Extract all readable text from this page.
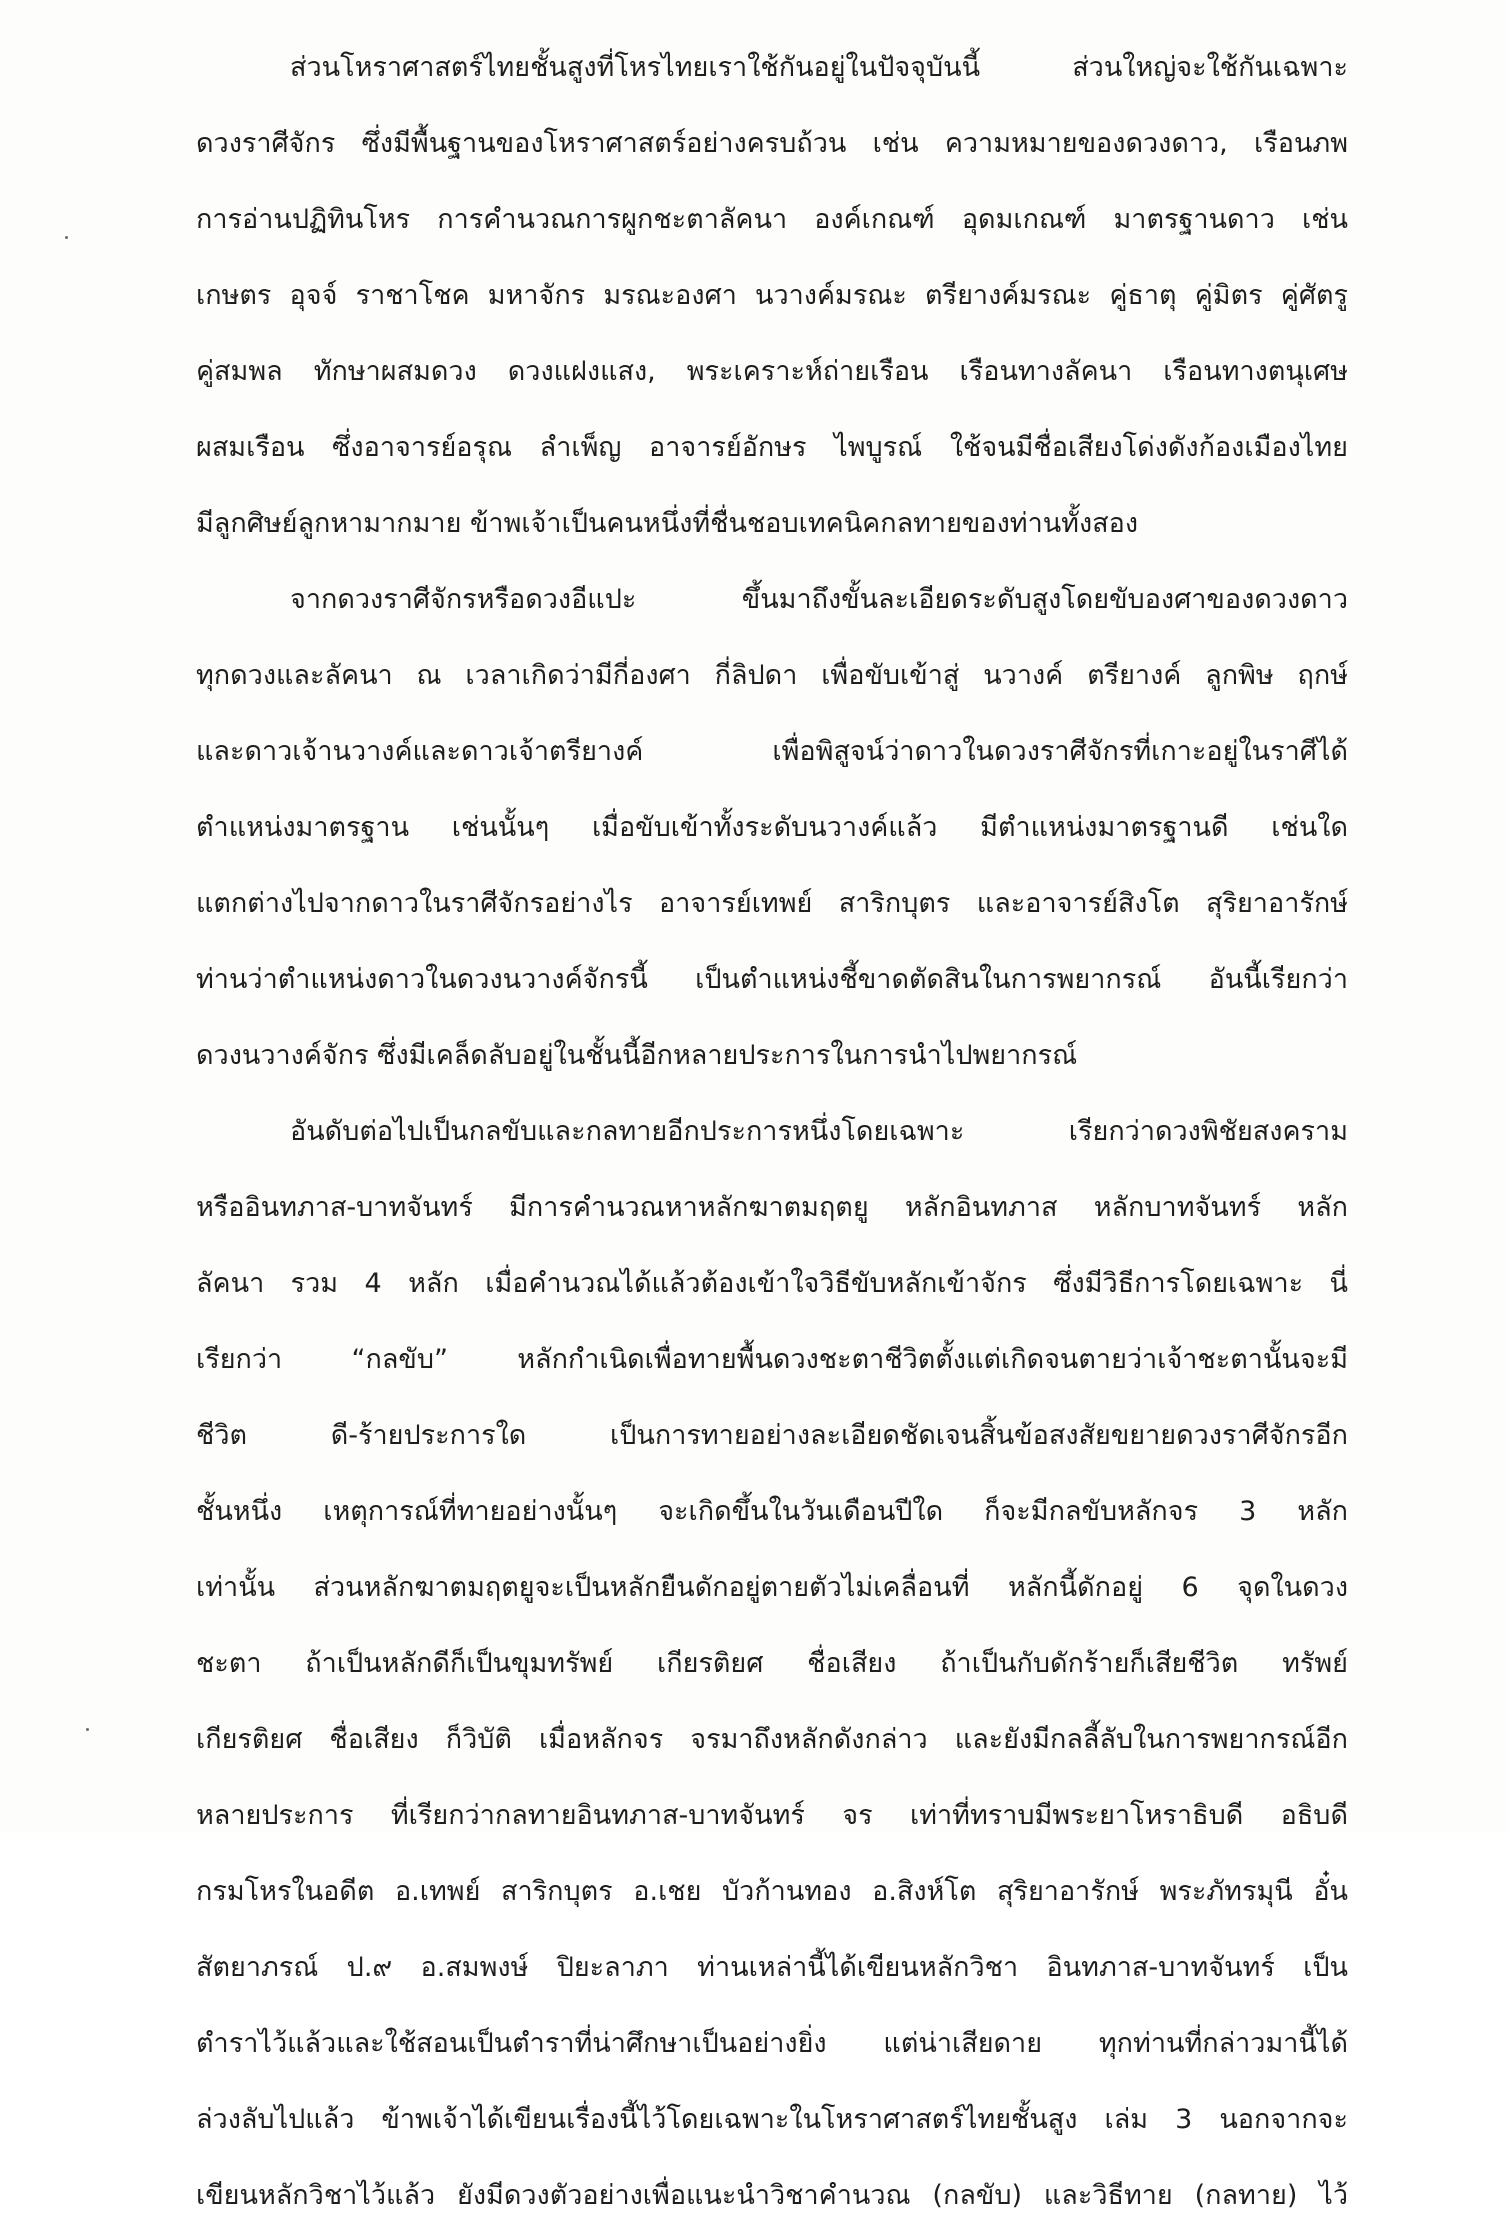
ส่วนโหราศาสตร์ไทยชั้นสูงที่โหรไทยเราใช้กันอยู่ในปัจจุบันนี้ ส่วนใหญ่จะใช้กันเฉพาะ
ดวงราศีจักร ซึ่งมีพื้นฐานของโหราศาสตร์อย่างครบถ้วน เช่น ความหมายของดวงดาว, เรือนภพ
การอ่านปฏิทินโหร การคำนวณการผูกชะตาลัคนา องค์เกณฑ์ อุดมเกณฑ์ มาตรฐานดาว เช่น
เกษตร อุจจ์ ราชาโชค มหาจักร มรณะองศา นวางค์มรณะ ตรียางค์มรณะ คู่ธาตุ คู่มิตร คู่ศัตรู
คู่สมพล ทักษาผสมดวง ดวงแฝงแสง, พระเคราะห์ถ่ายเรือน เรือนทางลัคนา เรือนทางตนุเศษ
ผสมเรือน ซึ่งอาจารย์อรุณ ลำเพ็ญ อาจารย์อักษร ไพบูรณ์ ใช้จนมีชื่อเสียงโด่งดังก้องเมืองไทย
มีลูกศิษย์ลูกหามากมาย ข้าพเจ้าเป็นคนหนึ่งที่ชื่นชอบเทคนิคกลทายของท่านทั้งสอง
จากดวงราศีจักรหรือดวงอีแปะ ขึ้นมาถึงขั้นละเอียดระดับสูงโดยขับองศาของดวงดาว
ทุกดวงและลัคนา ณ เวลาเกิดว่ามีกี่องศา กี่ลิปดา เพื่อขับเข้าสู่ นวางค์ ตรียางค์ ลูกพิษ ฤกษ์
และดาวเจ้านวางค์และดาวเจ้าตรียางค์ เพื่อพิสูจน์ว่าดาวในดวงราศีจักรที่เกาะอยู่ในราศีได้
ตำแหน่งมาตรฐาน เช่นนั้นๆ เมื่อขับเข้าทั้งระดับนวางค์แล้ว มีตำแหน่งมาตรฐานดี เช่นใด
แตกต่างไปจากดาวในราศีจักรอย่างไร อาจารย์เทพย์ สาริกบุตร และอาจารย์สิงโต สุริยาอารักษ์
ท่านว่าตำแหน่งดาวในดวงนวางค์จักรนี้ เป็นตำแหน่งชี้ขาดตัดสินในการพยากรณ์ อันนี้เรียกว่า
ดวงนวางค์จักร ซึ่งมีเคล็ดลับอยู่ในชั้นนี้อีกหลายประการในการนำไปพยากรณ์
อันดับต่อไปเป็นกลขับและกลทายอีกประการหนึ่งโดยเฉพาะ เรียกว่าดวงพิชัยสงคราม
หรืออินทภาส-บาทจันทร์ มีการคำนวณหาหลักฆาตมฤตยู หลักอินทภาส หลักบาทจันทร์ หลัก
ลัคนา รวม 4 หลัก เมื่อคำนวณได้แล้วต้องเข้าใจวิธีขับหลักเข้าจักร ซึ่งมีวิธีการโดยเฉพาะ นี่
เรียกว่า “กลขับ” หลักกำเนิดเพื่อทายพื้นดวงชะตาชีวิตตั้งแต่เกิดจนตายว่าเจ้าชะตานั้นจะมี
ชีวิต ดี-ร้ายประการใด เป็นการทายอย่างละเอียดชัดเจนสิ้นข้อสงสัยขยายดวงราศีจักรอีก
ชั้นหนึ่ง เหตุการณ์ที่ทายอย่างนั้นๆ จะเกิดขึ้นในวันเดือนปีใด ก็จะมีกลขับหลักจร 3 หลัก
เท่านั้น ส่วนหลักฆาตมฤตยูจะเป็นหลักยืนดักอยู่ตายตัวไม่เคลื่อนที่ หลักนี้ดักอยู่ 6 จุดในดวง
ชะตา ถ้าเป็นหลักดีก็เป็นขุมทรัพย์ เกียรติยศ ชื่อเสียง ถ้าเป็นกับดักร้ายก็เสียชีวิต ทรัพย์
เกียรติยศ ชื่อเสียง ก็วิบัติ เมื่อหลักจร จรมาถึงหลักดังกล่าว และยังมีกลลี้ลับในการพยากรณ์อีก
หลายประการ ที่เรียกว่ากลทายอินทภาส-บาทจันทร์ จร เท่าที่ทราบมีพระยาโหราธิบดี อธิบดี
กรมโหรในอดีต อ.เทพย์ สาริกบุตร อ.เชย บัวก้านทอง อ.สิงห์โต สุริยาอารักษ์ พระภัทรมุนี อั๋น
สัตยาภรณ์ ป.๙ อ.สมพงษ์ ปิยะลาภา ท่านเหล่านี้ได้เขียนหลักวิชา อินทภาส-บาทจันทร์ เป็น
ตำราไว้แล้วและใช้สอนเป็นตำราที่น่าศึกษาเป็นอย่างยิ่ง แต่น่าเสียดาย ทุกท่านที่กล่าวมานี้ได้
ล่วงลับไปแล้ว ข้าพเจ้าได้เขียนเรื่องนี้ไว้โดยเฉพาะในโหราศาสตร์ไทยชั้นสูง เล่ม 3 นอกจากจะ
เขียนหลักวิชาไว้แล้ว ยังมีดวงตัวอย่างเพื่อแนะนำวิชาคำนวณ (กลขับ) และวิธีทาย (กลทาย) ไว้
